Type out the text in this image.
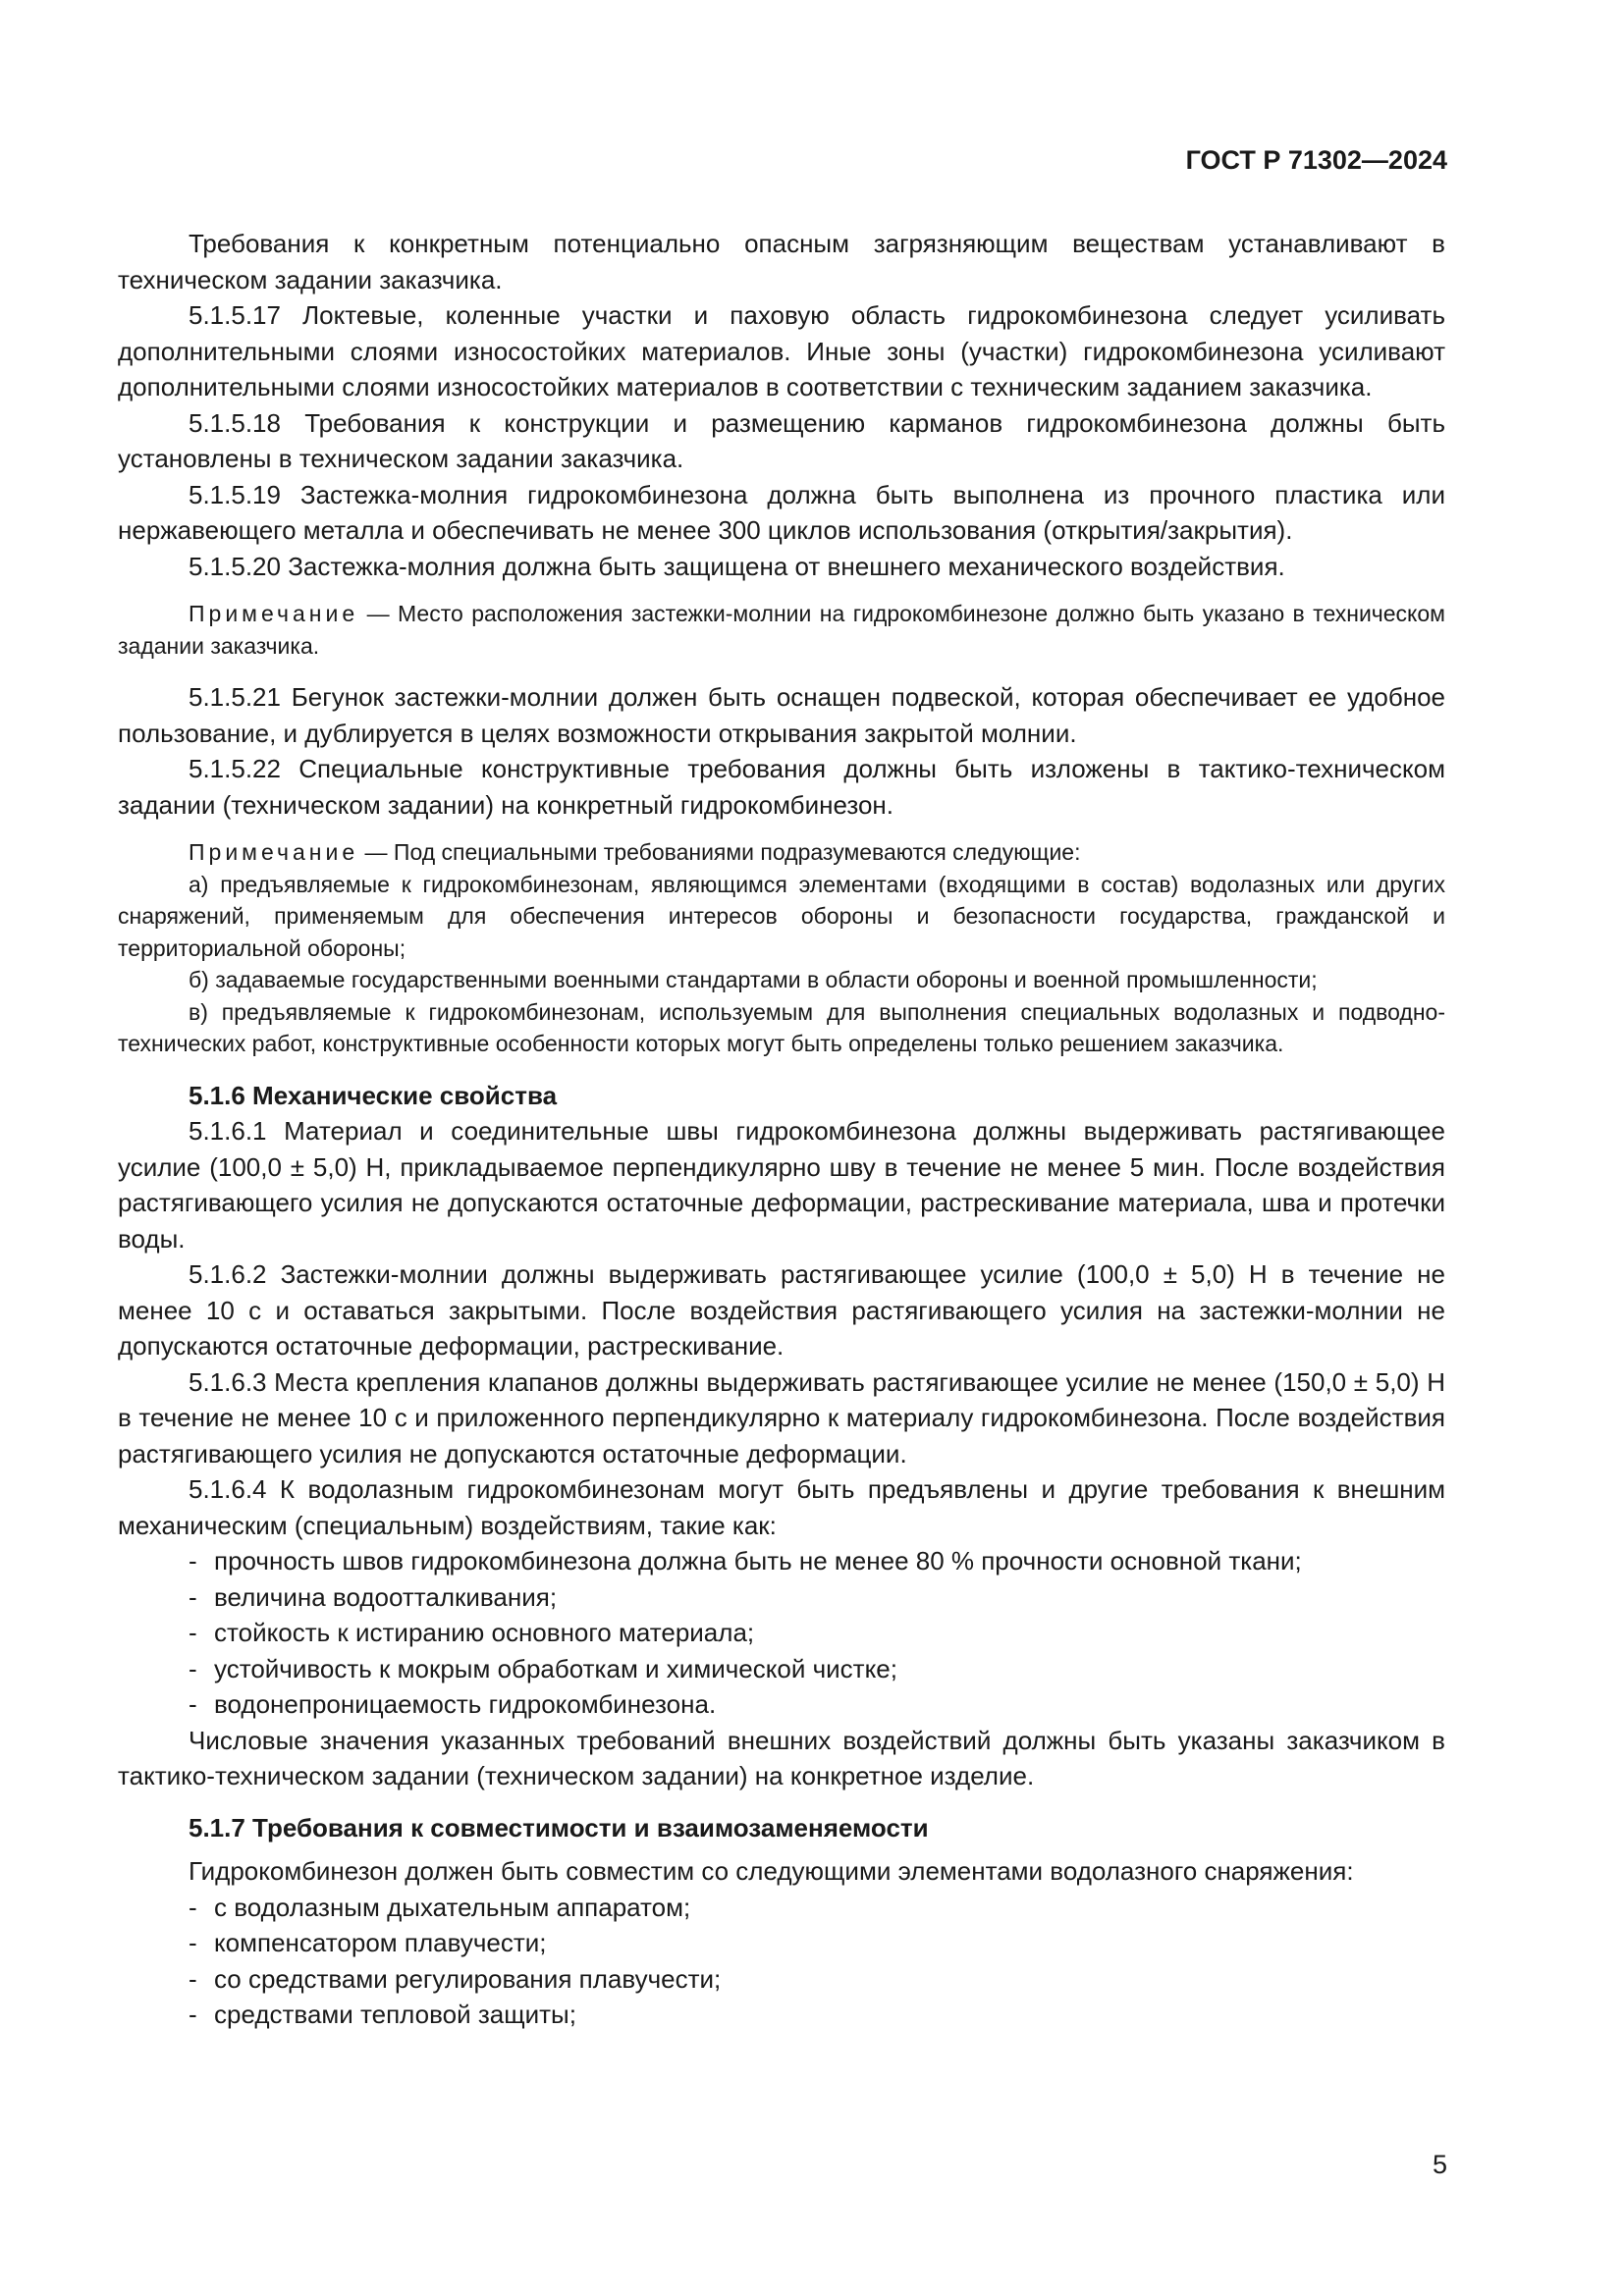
ГОСТ Р 71302—2024

Требования к конкретным потенциально опасным загрязняющим веществам устанавливают в техническом задании заказчика.

5.1.5.17 Локтевые, коленные участки и паховую область гидрокомбинезона следует усиливать дополнительными слоями износостойких материалов. Иные зоны (участки) гидрокомбинезона усиливают дополнительными слоями износостойких материалов в соответствии с техническим заданием заказчика.

5.1.5.18 Требования к конструкции и размещению карманов гидрокомбинезона должны быть установлены в техническом задании заказчика.

5.1.5.19 Застежка-молния гидрокомбинезона должна быть выполнена из прочного пластика или нержавеющего металла и обеспечивать не менее 300 циклов использования (открытия/закрытия).

5.1.5.20 Застежка-молния должна быть защищена от внешнего механического воздействия.

Примечание — Место расположения застежки-молнии на гидрокомбинезоне должно быть указано в техническом задании заказчика.

5.1.5.21 Бегунок застежки-молнии должен быть оснащен подвеской, которая обеспечивает ее удобное пользование, и дублируется в целях возможности открывания закрытой молнии.

5.1.5.22 Специальные конструктивные требования должны быть изложены в тактико-техническом задании (техническом задании) на конкретный гидрокомбинезон.

Примечание — Под специальными требованиями подразумеваются следующие:

а) предъявляемые к гидрокомбинезонам, являющимся элементами (входящими в состав) водолазных или других снаряжений, применяемым для обеспечения интересов обороны и безопасности государства, гражданской и территориальной обороны;

б) задаваемые государственными военными стандартами в области обороны и военной промышленности;

в) предъявляемые к гидрокомбинезонам, используемым для выполнения специальных водолазных и подводно-технических работ, конструктивные особенности которых могут быть определены только решением заказчика.

5.1.6 Механические свойства

5.1.6.1 Материал и соединительные швы гидрокомбинезона должны выдерживать растягивающее усилие (100,0 ± 5,0) Н, прикладываемое перпендикулярно шву в течение не менее 5 мин. После воздействия растягивающего усилия не допускаются остаточные деформации, растрескивание материала, шва и протечки воды.

5.1.6.2 Застежки-молнии должны выдерживать растягивающее усилие (100,0 ± 5,0) Н в течение не менее 10 с и оставаться закрытыми. После воздействия растягивающего усилия на застежки-молнии не допускаются остаточные деформации, растрескивание.

5.1.6.3 Места крепления клапанов должны выдерживать растягивающее усилие не менее (150,0 ± 5,0) Н в течение не менее 10 с и приложенного перпендикулярно к материалу гидрокомбинезона. После воздействия растягивающего усилия не допускаются остаточные деформации.

5.1.6.4 К водолазным гидрокомбинезонам могут быть предъявлены и другие требования к внешним механическим (специальным) воздействиям, такие как:

- прочность швов гидрокомбинезона должна быть не менее 80 % прочности основной ткани;
- величина водоотталкивания;
- стойкость к истиранию основного материала;
- устойчивость к мокрым обработкам и химической чистке;
- водонепроницаемость гидрокомбинезона.

Числовые значения указанных требований внешних воздействий должны быть указаны заказчиком в тактико-техническом задании (техническом задании) на конкретное изделие.

5.1.7 Требования к совместимости и взаимозаменяемости

Гидрокомбинезон должен быть совместим со следующими элементами водолазного снаряжения:

- с водолазным дыхательным аппаратом;
- компенсатором плавучести;
- со средствами регулирования плавучести;
- средствами тепловой защиты;
5
